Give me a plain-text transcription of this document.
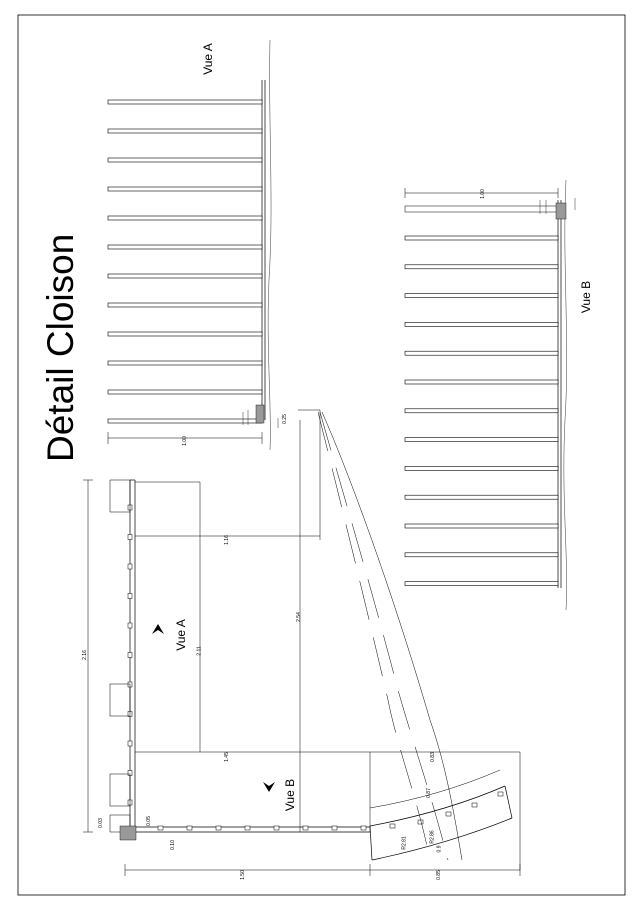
Détail Cloison
Vue A
Vue B
Vue A
Vue B
1.00
1.00
2.16	2.11
2.54
1.16
1.45
1.50
0.83
0.85
0.87
0.9
R2.81	R2.86
0.03	0.05
0.10
0.25
